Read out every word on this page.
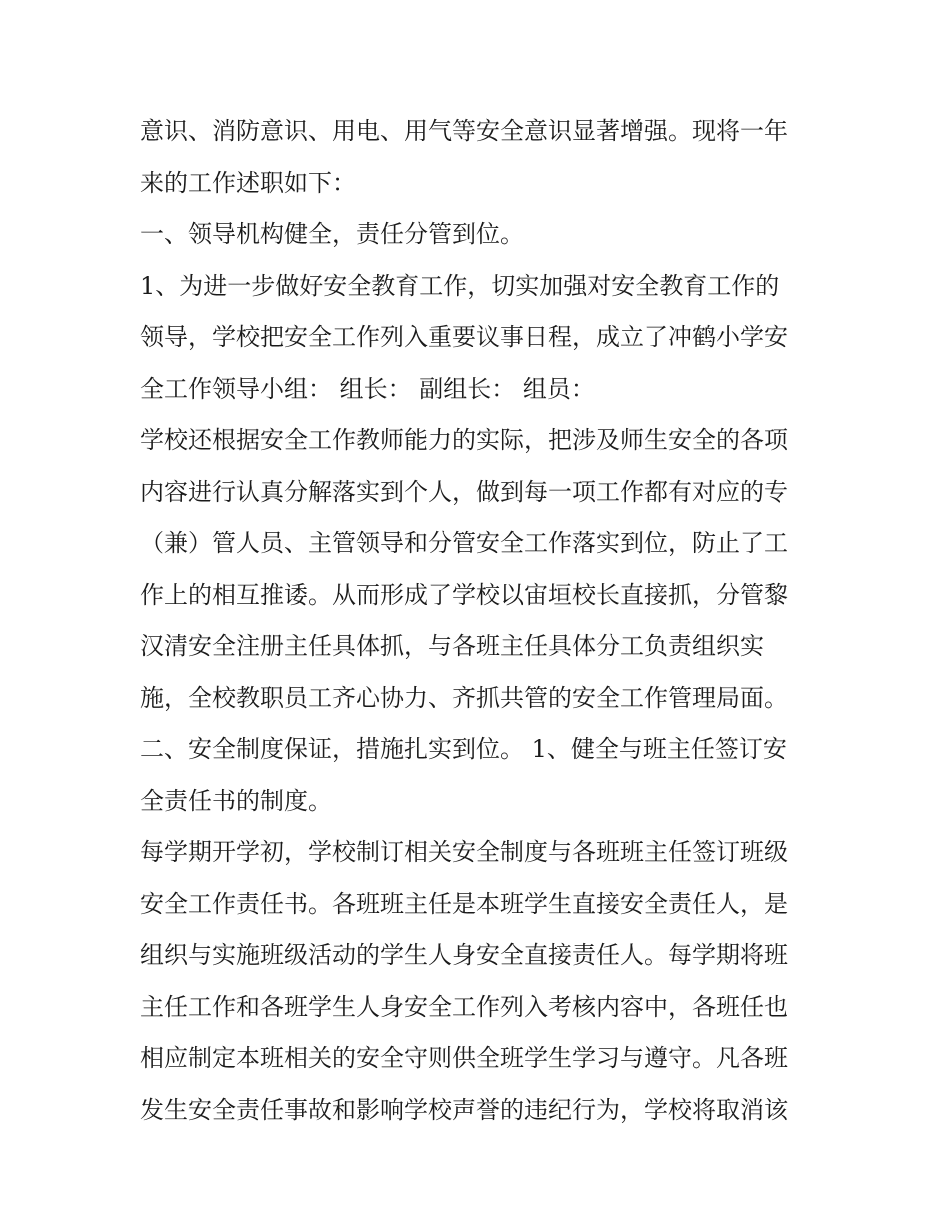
意识、消防意识、用电、用气等安全意识显著增强。现将一年
来的工作述职如下：
一、领导机构健全，责任分管到位。
1、为进一步做好安全教育工作，切实加强对安全教育工作的
领导，学校把安全工作列入重要议事日程，成立了冲鹤小学安
全工作领导小组： 组长： 副组长： 组员：
学校还根据安全工作教师能力的实际，把涉及师生安全的各项
内容进行认真分解落实到个人，做到每一项工作都有对应的专
（兼）管人员、主管领导和分管安全工作落实到位，防止了工
作上的相互推诿。从而形成了学校以宙垣校长直接抓，分管黎
汉清安全注册主任具体抓，与各班主任具体分工负责组织实
施，全校教职员工齐心协力、齐抓共管的安全工作管理局面。
二、安全制度保证，措施扎实到位。 1、健全与班主任签订安
全责任书的制度。
每学期开学初，学校制订相关安全制度与各班班主任签订班级
安全工作责任书。各班班主任是本班学生直接安全责任人，是
组织与实施班级活动的学生人身安全直接责任人。每学期将班
主任工作和各班学生人身安全工作列入考核内容中，各班任也
相应制定本班相关的安全守则供全班学生学习与遵守。凡各班
发生安全责任事故和影响学校声誉的违纪行为，学校将取消该
